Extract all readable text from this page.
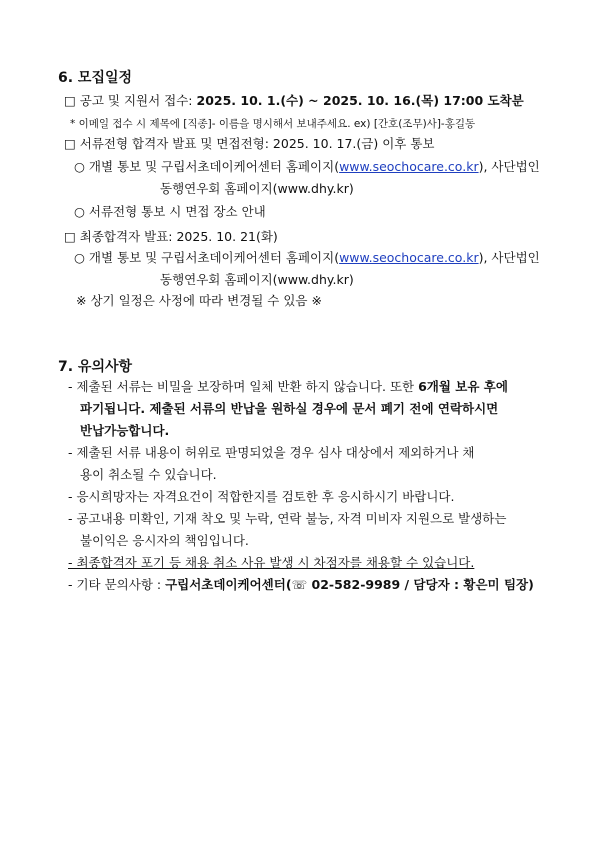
6. 모집일정
□ 공고 및 지원서 접수: 2025. 10. 1.(수) ~ 2025. 10. 16.(목) 17:00 도착분
* 이메일 접수 시 제목에 [직종]- 이름을 명시해서 보내주세요. ex) [간호(조무)사]-홍길동
□ 서류전형 합격자 발표 및 면접전형: 2025. 10. 17.(금) 이후 통보
○ 개별 통보 및 구립서초데이케어센터 홈페이지(www.seochocare.co.kr), 사단법인
동행연우회 홈페이지(www.dhy.kr)
○ 서류전형 통보 시 면접 장소 안내
□ 최종합격자 발표: 2025. 10. 21(화)
○ 개별 통보 및 구립서초데이케어센터 홈페이지(www.seochocare.co.kr), 사단법인
동행연우회 홈페이지(www.dhy.kr)
※ 상기 일정은 사정에 따라 변경될 수 있음 ※
7. 유의사항
- 제출된 서류는 비밀을 보장하며 일체 반환 하지 않습니다. 또한 6개월 보유 후에
파기됩니다. 제출된 서류의 반납을 원하실 경우에 문서 폐기 전에 연락하시면
반납가능합니다.
- 제출된 서류 내용이 허위로 판명되었을 경우 심사 대상에서 제외하거나 채
용이 취소될 수 있습니다.
- 응시희망자는 자격요건이 적합한지를 검토한 후 응시하시기 바랍니다.
- 공고내용 미확인, 기재 착오 및 누락, 연락 불능, 자격 미비자 지원으로 발생하는
불이익은 응시자의 책임입니다.
- 최종합격자 포기 등 채용 취소 사유 발생 시 차점자를 채용할 수 있습니다.
- 기타 문의사항 : 구립서초데이케어센터(☏ 02-582-9989 / 담당자 : 황은미 팀장)
